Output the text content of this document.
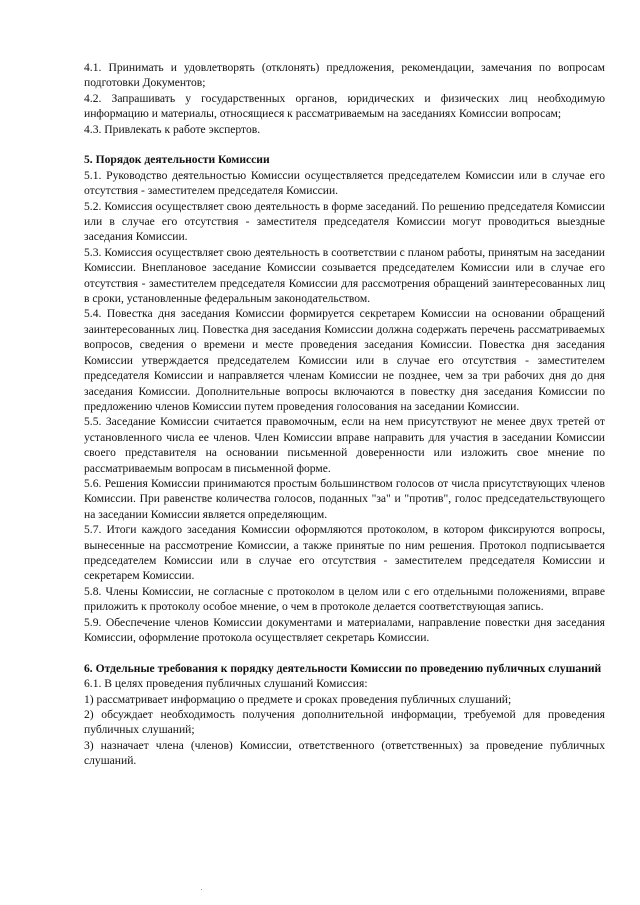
4.1. Принимать и удовлетворять (отклонять) предложения, рекомендации, замечания по вопросам подготовки Документов;

4.2. Запрашивать у государственных органов, юридических и физических лиц необходимую информацию и материалы, относящиеся к рассматриваемым на заседаниях Комиссии вопросам;

4.3. Привлекать к работе экспертов.

5. Порядок деятельности Комиссии

5.1. Руководство деятельностью Комиссии осуществляется председателем Комиссии или в случае его отсутствия - заместителем председателя Комиссии.

5.2. Комиссия осуществляет свою деятельность в форме заседаний. По решению председателя Комиссии или в случае его отсутствия - заместителя председателя Комиссии могут проводиться выездные заседания Комиссии.

5.3. Комиссия осуществляет свою деятельность в соответствии с планом работы, принятым на заседании Комиссии. Внеплановое заседание Комиссии созывается председателем Комиссии или в случае его отсутствия - заместителем председателя Комиссии для рассмотрения обращений заинтересованных лиц в сроки, установленные федеральным законодательством.

5.4. Повестка дня заседания Комиссии формируется секретарем Комиссии на основании обращений заинтересованных лиц. Повестка дня заседания Комиссии должна содержать перечень рассматриваемых вопросов, сведения о времени и месте проведения заседания Комиссии. Повестка дня заседания Комиссии утверждается председателем Комиссии или в случае его отсутствия - заместителем председателя Комиссии и направляется членам Комиссии не позднее, чем за три рабочих дня до дня заседания Комиссии. Дополнительные вопросы включаются в повестку дня заседания Комиссии по предложению членов Комиссии путем проведения голосования на заседании Комиссии.

5.5. Заседание Комиссии считается правомочным, если на нем присутствуют не менее двух третей от установленного числа ее членов. Член Комиссии вправе направить для участия в заседании Комиссии своего представителя на основании письменной доверенности или изложить свое мнение по рассматриваемым вопросам в письменной форме.

5.6. Решения Комиссии принимаются простым большинством голосов от числа присутствующих членов Комиссии. При равенстве количества голосов, поданных "за" и "против", голос председательствующего на заседании Комиссии является определяющим.

5.7. Итоги каждого заседания Комиссии оформляются протоколом, в котором фиксируются вопросы, вынесенные на рассмотрение Комиссии, а также принятые по ним решения. Протокол подписывается председателем Комиссии или в случае его отсутствия - заместителем председателя Комиссии и секретарем Комиссии.

5.8. Члены Комиссии, не согласные с протоколом в целом или с его отдельными положениями, вправе приложить к протоколу особое мнение, о чем в протоколе делается соответствующая запись.

5.9. Обеспечение членов Комиссии документами и материалами, направление повестки дня заседания Комиссии, оформление протокола осуществляет секретарь Комиссии.

6. Отдельные требования к порядку деятельности Комиссии по проведению публичных слушаний

6.1. В целях проведения публичных слушаний Комиссия:

1) рассматривает информацию о предмете и сроках проведения публичных слушаний;

2) обсуждает необходимость получения дополнительной информации, требуемой для проведения публичных слушаний;

3) назначает члена (членов) Комиссии, ответственного (ответственных) за проведение публичных слушаний.
